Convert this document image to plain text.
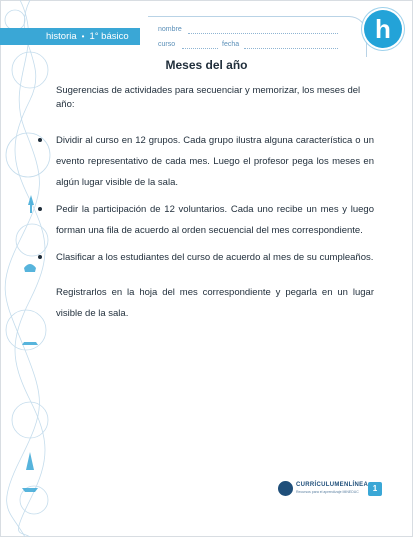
historia • 1° básico
nombre
curso	fecha
h
Meses del año

Sugerencias de actividades para secuenciar y memorizar, los meses del año:

Dividir al curso en 12 grupos. Cada grupo ilustra alguna característica o un evento representativo de cada mes. Luego el profesor pega los meses en algún lugar visible de la sala.
Pedir la participación de 12 voluntarios. Cada uno recibe un mes y luego forman una fila de acuerdo al orden secuencial del mes correspondiente.
Clasificar a los estudiantes del curso de acuerdo al mes de su cumpleaños.

Registrarlos en la hoja del mes correspondiente y pegarla en un lugar visible de la sala.

CURRÍCULUMENLÍNEA
Recursos para el aprendizaje MINEDUC	1
